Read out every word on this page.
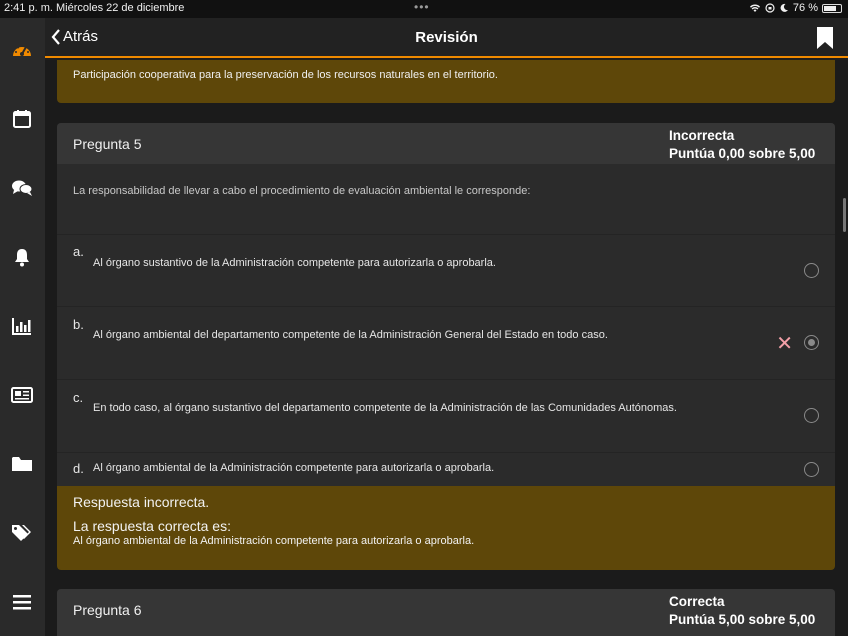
2:41 p. m. Miércoles 22 de diciembre	•••	76 %
Atrás	Revisión
Participación cooperativa para la preservación de los recursos naturales en el territorio.
Pregunta 5
Incorrecta
Puntúa 0,00 sobre 5,00
La responsabilidad de llevar a cabo el procedimiento de evaluación ambiental le corresponde:
a.
Al órgano sustantivo de la Administración competente para autorizarla o aprobarla.
b.
Al órgano ambiental del departamento competente de la Administración General del Estado en todo caso.	✕
c.
En todo caso, al órgano sustantivo del departamento competente de la Administración de las Comunidades Autónomas.
d. Al órgano ambiental de la Administración competente para autorizarla o aprobarla.
Respuesta incorrecta.
La respuesta correcta es:
Al órgano ambiental de la Administración competente para autorizarla o aprobarla.
Pregunta 6
Correcta
Puntúa 5,00 sobre 5,00
